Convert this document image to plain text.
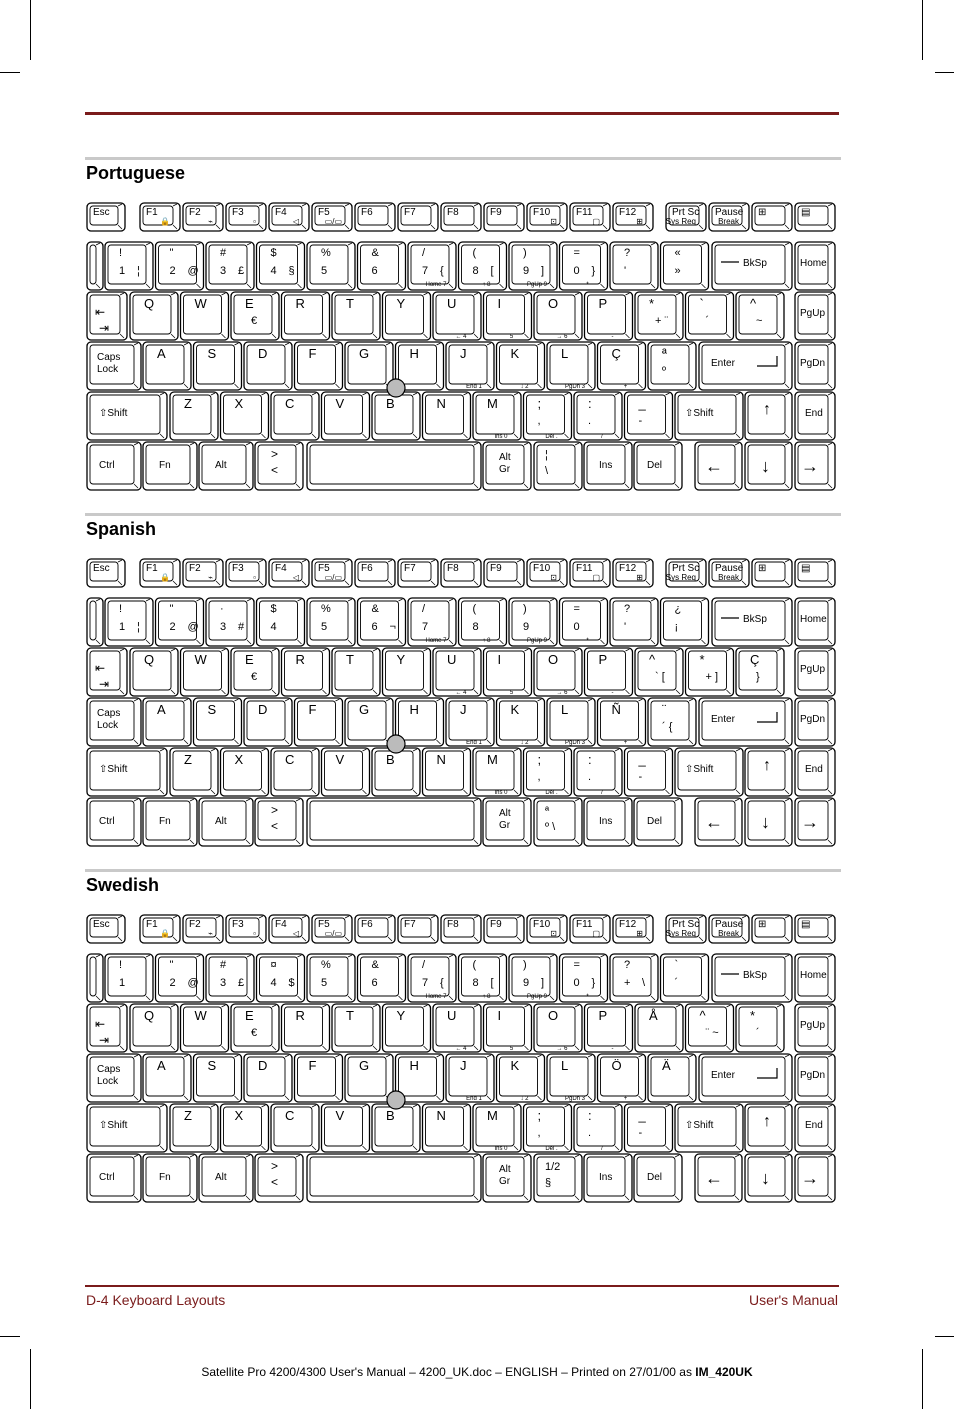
Portuguese
Esc	F1
🔒
F2
⌁
F3
▫
F4
◁
F5
▭/▭
F6	F7	F8	F9	F10
⊡
F11
▢
F12
⊞
Prt Sc
Sys Req
Pause
Break
⊞	▤
!
1 ¦
"
2 @
#
3 £
$
4 §
%
5
&
6
/
7 {
Home 7
(
8 [
↑ 8
)
9 ]
PgUp 9
=
0 }
*
?
'
«
»
BkSp	Home
⇤
⇥
Q	W	E
€
R	T	Y	U
← 4
I
5
O
→ 6
P
-
*
+ ¨
`
´
^
~
PgUp
Caps
Lock
A	S	D	F	G	H	J
End 1
K
↓ 2
L
PgDn 3
Ç
+
ª
º
Enter	PgDn
⇧Shift
Z	X	C	V	B	N	M
Ins 0
;
,
Del .
:
.
/
_
-
⇧Shift	↑	End
Ctrl	Fn	Alt
>
<
Alt
Gr
¦
\	Ins	Del ← ↓ →
Spanish
Esc	F1
🔒
F2
⌁
F3
▫
F4
◁
F5
▭/▭
F6	F7	F8	F9	F10
⊡
F11
▢
F12
⊞
Prt Sc
Sys Req
Pause
Break
⊞	▤
!
1 ¦
"
2 @
·
3 #
$
4
%
5
&
6 ¬
/
7
Home 7
(
8
↑ 8
)
9
PgUp 9
=
0
*
?
'
¿
¡
BkSp	Home
⇤
⇥
Q	W	E
€
R	T	Y	U
← 4
I
5
O
→ 6
P
-
^
` [
*
+ ]
Ç
}
PgUp
Caps
Lock
A	S	D	F	G	H	J
End 1
K
↓ 2
L
PgDn 3
Ñ
+
¨
´ {
Enter	PgDn
⇧Shift
Z	X	C	V	B	N	M
Ins 0
;
,
Del .
:
.
/
_
-
⇧Shift	↑	End
Ctrl	Fn	Alt
>
<
Alt
Gr
ª
º \	Ins	Del ← ↓ →
Swedish
Esc	F1
🔒
F2
⌁
F3
▫
F4
◁
F5
▭/▭
F6	F7	F8	F9	F10
⊡
F11
▢
F12
⊞
Prt Sc
Sys Req
Pause
Break
⊞	▤
!
1
"
2 @
#
3 £
¤
4 $
%
5
&
6
/
7 {
Home 7
(
8 [
↑ 8
)
9 ]
PgUp 9
=
0 }
*
?
+ \
`
´
BkSp	Home
⇤
⇥
Q	W	E
€
R	T	Y	U
← 4
I
5
O
→ 6
P
-
Å	^
¨ ~
*
´
PgUp
Caps
Lock
A	S	D	F	G	H	J
End 1
K
↓ 2
L
PgDn 3
Ö
+
Ä
Enter	PgDn
⇧Shift
Z	X	C	V	B	N	M
Ins 0
;
,
Del .
:
.
/
_
-
⇧Shift	↑	End
Ctrl	Fn	Alt
>
<
Alt
Gr
1/2
§	Ins	Del ← ↓ →
D-4 Keyboard Layouts	User's Manual
Satellite Pro 4200/4300 User's Manual – 4200_UK.doc – ENGLISH – Printed on 27/01/00 as IM_420UK
